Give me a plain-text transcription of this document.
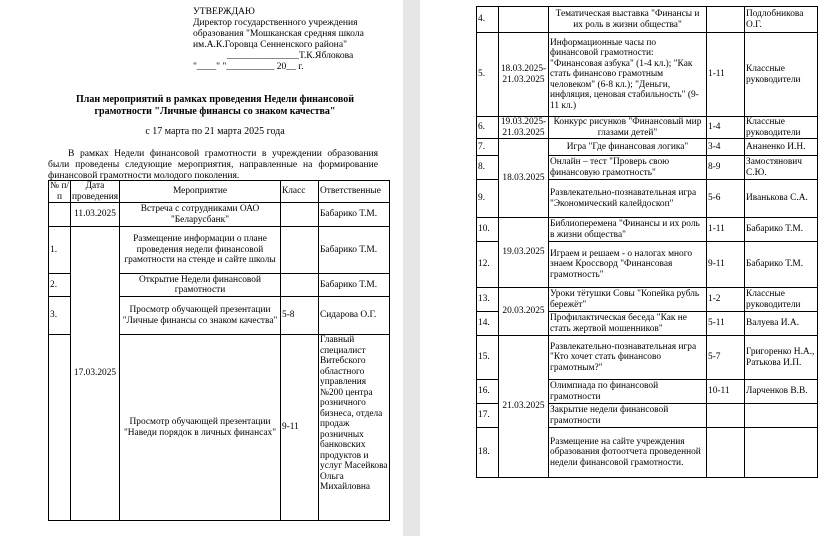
УТВЕРЖДАЮ
Директор государственного учреждения
образования "Мошканская средняя школа
им.А.К.Горовца Сенненского района"
_______________Т.К.Яблокова
"____" "__________ 20__ г.
План мероприятий в рамках проведения Недели финансовой грамотности "Личные финансы со знаком качества"
с 17 марта по 21 марта 2025 года
В рамках Недели финансовой грамотности в учреждении образования были проведены следующие мероприятия, направленные на формирование финансовой грамотности молодого поколения.
№ п/п	Дата проведения	Мероприятие	Класс	Ответственные
	11.03.2025	Встреча с сотрудниками ОАО "Беларусбанк"		Бабарико Т.М.
1.	17.03.2025	Размещение информации о плане проведения недели финансовой грамотности на стенде и сайте школы		Бабарико Т.М.
2.		Открытие Недели финансовой грамотности		Бабарико Т.М.
3.		Просмотр обучающей презентации "Личные финансы со знаком качества"	5-8	Сидарова О.Г.
		Просмотр обучающей презентации "Наведи порядок в личных финансах"	9-11	Главный специалист Витебского областного управления №200 центра розничного бизнеса, отдела продаж розничных банковских продуктов и услуг Масейкова Ольга Михайловна
4.		Тематическая выставка "Финансы и их роль в жизни общества"		Подлобникова О.Г.
5.	18.03.2025-21.03.2025	Информационные часы по финансовой грамотности: "Финансовая азбука" (1-4 кл.); "Как стать финансово грамотным человеком" (6-8 кл.); "Деньги, инфляция, ценовая стабильность" (9-11 кл.)	1-11	Классные руководители
6.	19.03.2025-21.03.2025	Конкурс рисунков "Финансовый мир глазами детей"	1-4	Классные руководители
7.	18.03.2025	Игра "Где финансовая логика"	3-4	Ананенко И.Н.
8.		Онлайн – тест "Проверь свою финансовую грамотность"	8-9	Замостянович С.Ю.
9.		Развлекательно-познавательная игра "Экономический калейдоскоп"	5-6	Иванькова С.А.
10.	19.03.2025	Библиоперемена "Финансы и их роль в жизни общества"	1-11	Бабарико Т.М.
12.		Играем и решаем - о налогах много знаем Кроссворд "Финансовая грамотность"	9-11	Бабарико Т.М.
13.	20.03.2025	Уроки тётушки Совы "Копейка рубль бережёт"	1-2	Классные руководители
14.		Профилактическая беседа "Как не стать жертвой мошенников"	5-11	Валуева И.А.
15.	21.03.2025	Развлекательно-познавательная игра "Кто хочет стать финансово грамотным?"	5-7	Григоренко Н.А., Ратькова И.П.
16.		Олимпиада по финансовой грамотности	10-11	Ларченков В.В.
17.		Закрытие недели финансовой грамотности		
18.		Размещение на сайте учреждения образования фотоотчета проведенной недели финансовой грамотности.		
